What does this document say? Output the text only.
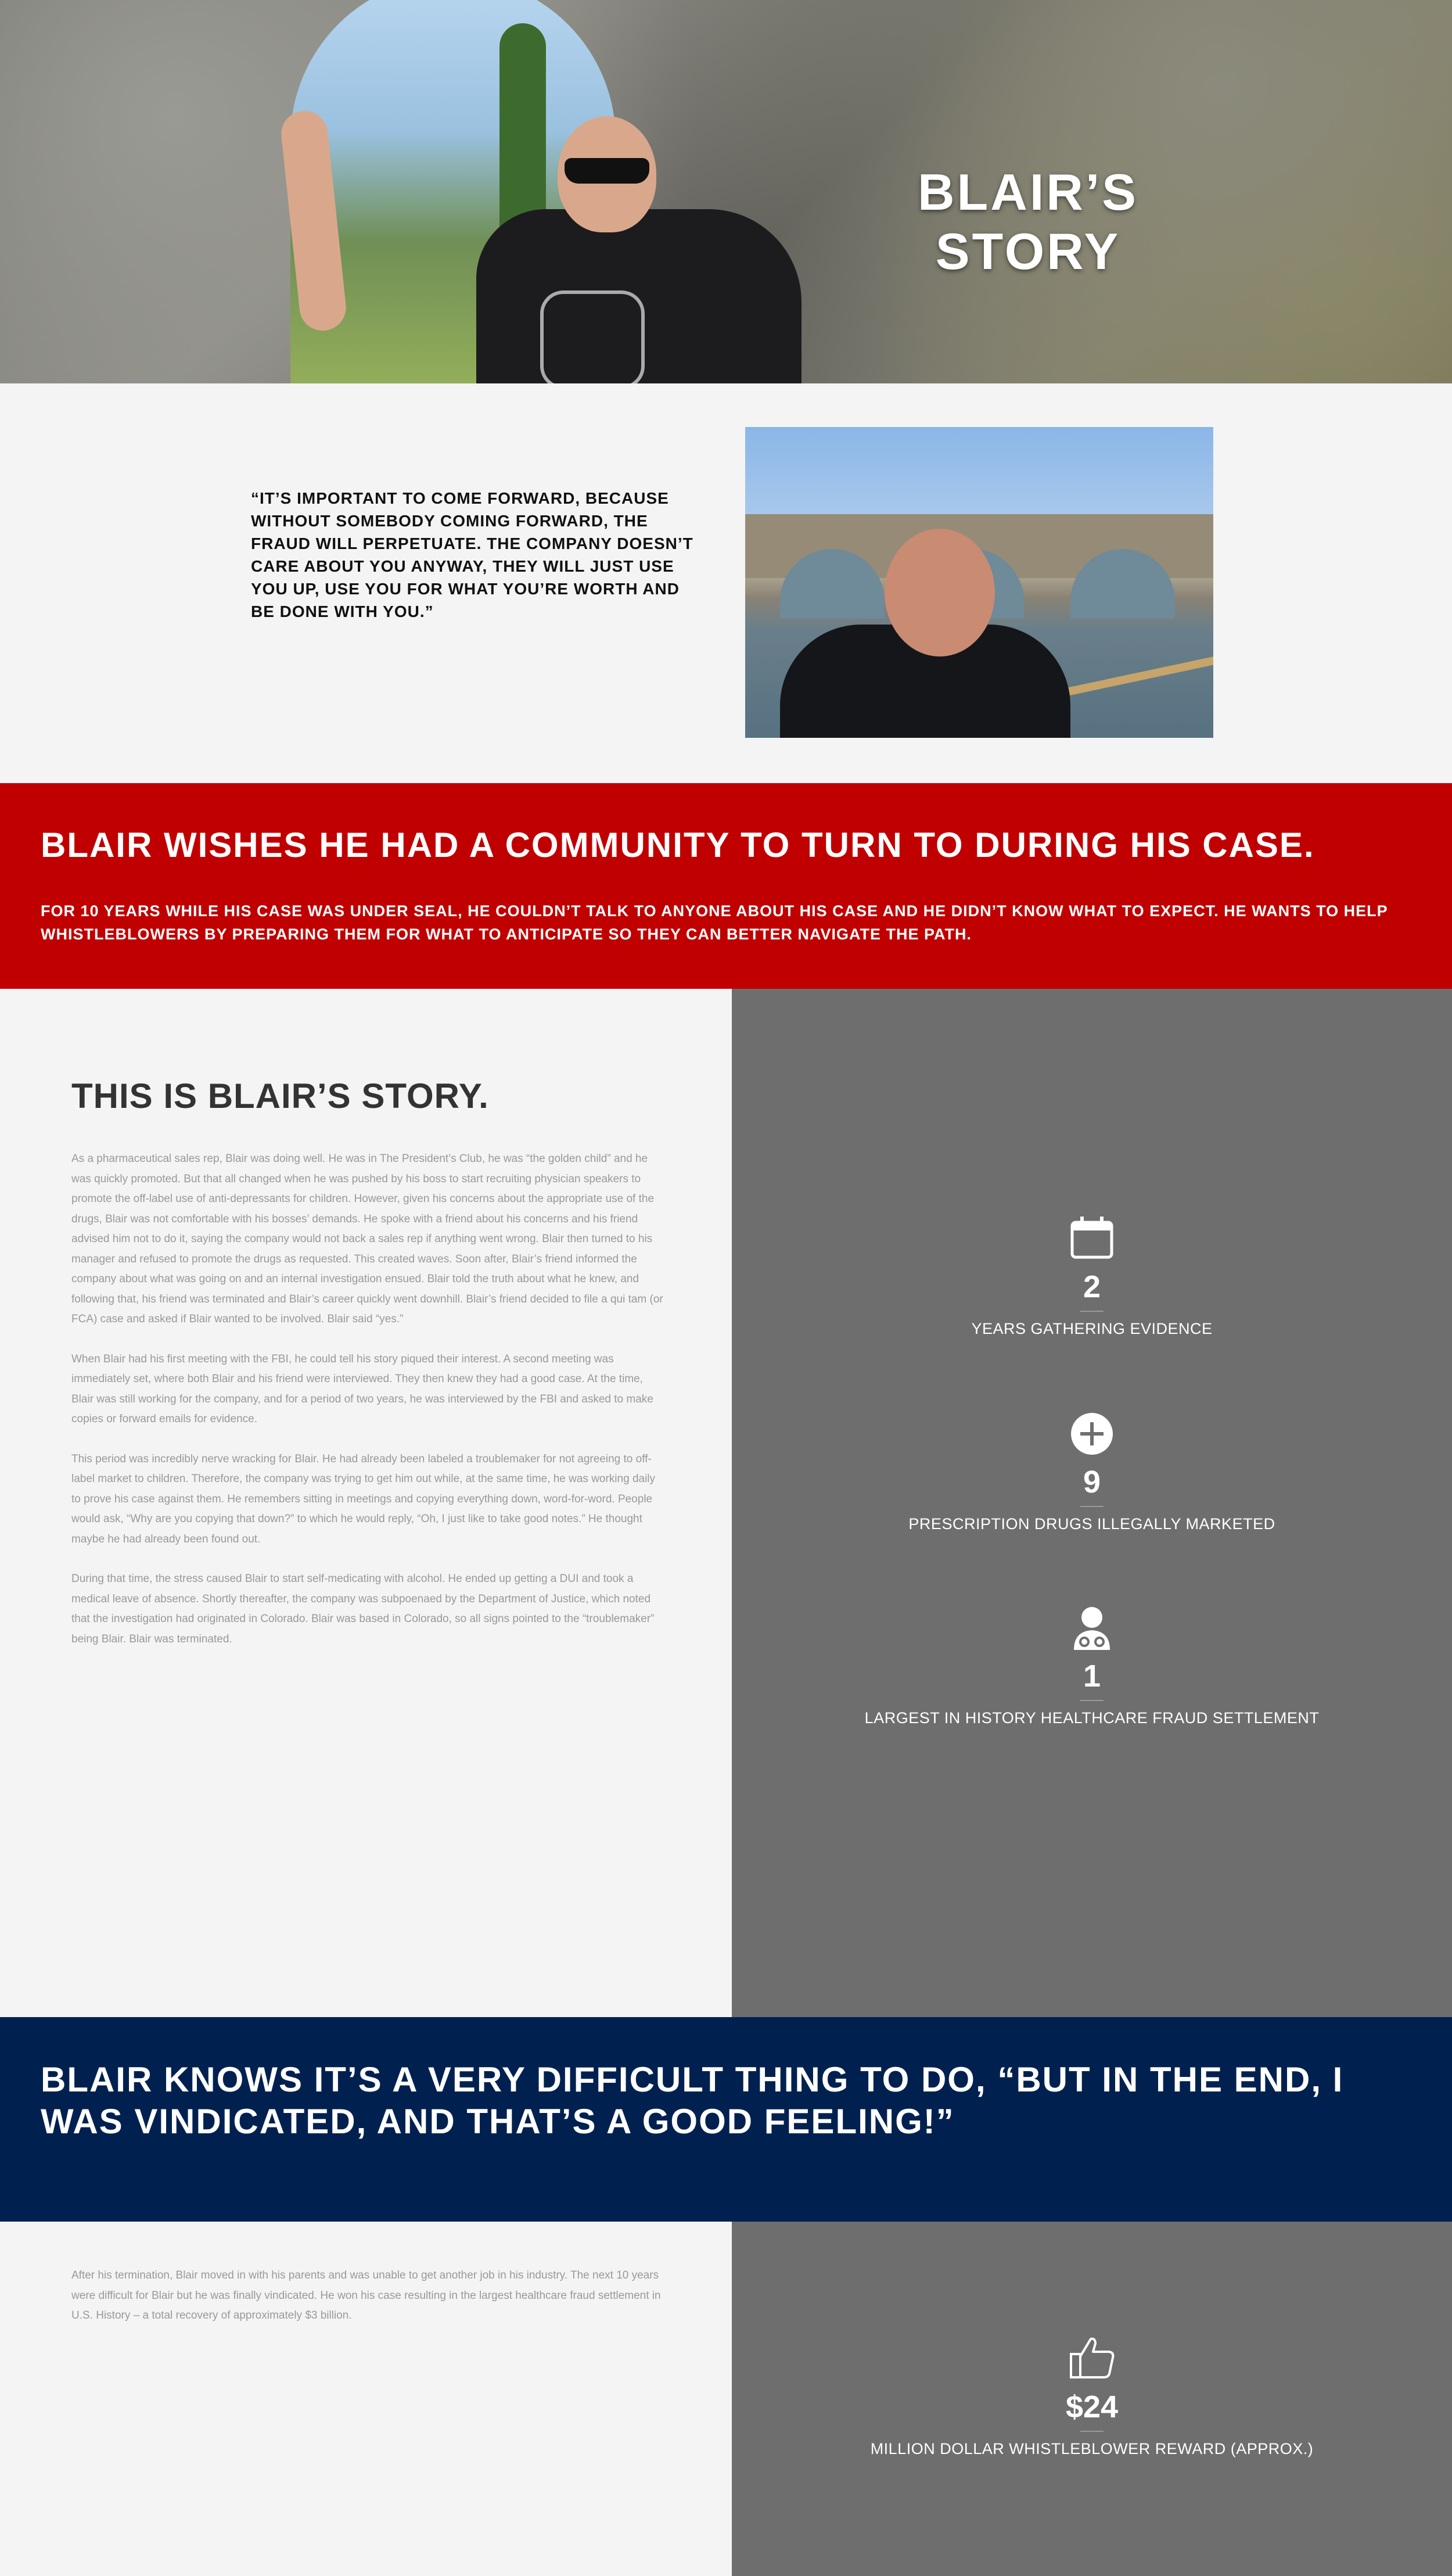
BLAIR’S STORY

“IT’S IMPORTANT TO COME FORWARD, BECAUSE WITHOUT SOMEBODY COMING FORWARD, THE FRAUD WILL PERPETUATE. THE COMPANY DOESN’T CARE ABOUT YOU ANYWAY, THEY WILL JUST USE YOU UP, USE YOU FOR WHAT YOU’RE WORTH AND BE DONE WITH YOU.”

BLAIR WISHES HE HAD A COMMUNITY TO TURN TO DURING HIS CASE.

FOR 10 YEARS WHILE HIS CASE WAS UNDER SEAL, HE COULDN’T TALK TO ANYONE ABOUT HIS CASE AND HE DIDN’T KNOW WHAT TO EXPECT. HE WANTS TO HELP WHISTLEBLOWERS BY PREPARING THEM FOR WHAT TO ANTICIPATE SO THEY CAN BETTER NAVIGATE THE PATH.

THIS IS BLAIR’S STORY.

As a pharmaceutical sales rep, Blair was doing well. He was in The President’s Club, he was “the golden child” and he was quickly promoted. But that all changed when he was pushed by his boss to start recruiting physician speakers to promote the off-label use of anti-depressants for children. However, given his concerns about the appropriate use of the drugs, Blair was not comfortable with his bosses’ demands. He spoke with a friend about his concerns and his friend advised him not to do it, saying the company would not back a sales rep if anything went wrong. Blair then turned to his manager and refused to promote the drugs as requested. This created waves. Soon after, Blair’s friend informed the company about what was going on and an internal investigation ensued. Blair told the truth about what he knew, and following that, his friend was terminated and Blair’s career quickly went downhill. Blair’s friend decided to file a qui tam (or FCA) case and asked if Blair wanted to be involved. Blair said “yes.”

When Blair had his first meeting with the FBI, he could tell his story piqued their interest. A second meeting was immediately set, where both Blair and his friend were interviewed. They then knew they had a good case. At the time, Blair was still working for the company, and for a period of two years, he was interviewed by the FBI and asked to make copies or forward emails for evidence.

This period was incredibly nerve wracking for Blair. He had already been labeled a troublemaker for not agreeing to off-label market to children. Therefore, the company was trying to get him out while, at the same time, he was working daily to prove his case against them. He remembers sitting in meetings and copying everything down, word-for-word. People would ask, “Why are you copying that down?” to which he would reply, “Oh, I just like to take good notes.” He thought maybe he had already been found out.

During that time, the stress caused Blair to start self-medicating with alcohol. He ended up getting a DUI and took a medical leave of absence. Shortly thereafter, the company was subpoenaed by the Department of Justice, which noted that the investigation had originated in Colorado. Blair was based in Colorado, so all signs pointed to the “troublemaker” being Blair. Blair was terminated.

2
YEARS GATHERING EVIDENCE
9
PRESCRIPTION DRUGS ILLEGALLY MARKETED
1
LARGEST IN HISTORY HEALTHCARE FRAUD SETTLEMENT
BLAIR KNOWS IT’S A VERY DIFFICULT THING TO DO, “BUT IN THE END, I WAS VINDICATED, AND THAT’S A GOOD FEELING!”

After his termination, Blair moved in with his parents and was unable to get another job in his industry. The next 10 years were difficult for Blair but he was finally vindicated. He won his case resulting in the largest healthcare fraud settlement in U.S. History – a total recovery of approximately $3 billion.

$24
MILLION DOLLAR WHISTLEBLOWER REWARD (APPROX.)
